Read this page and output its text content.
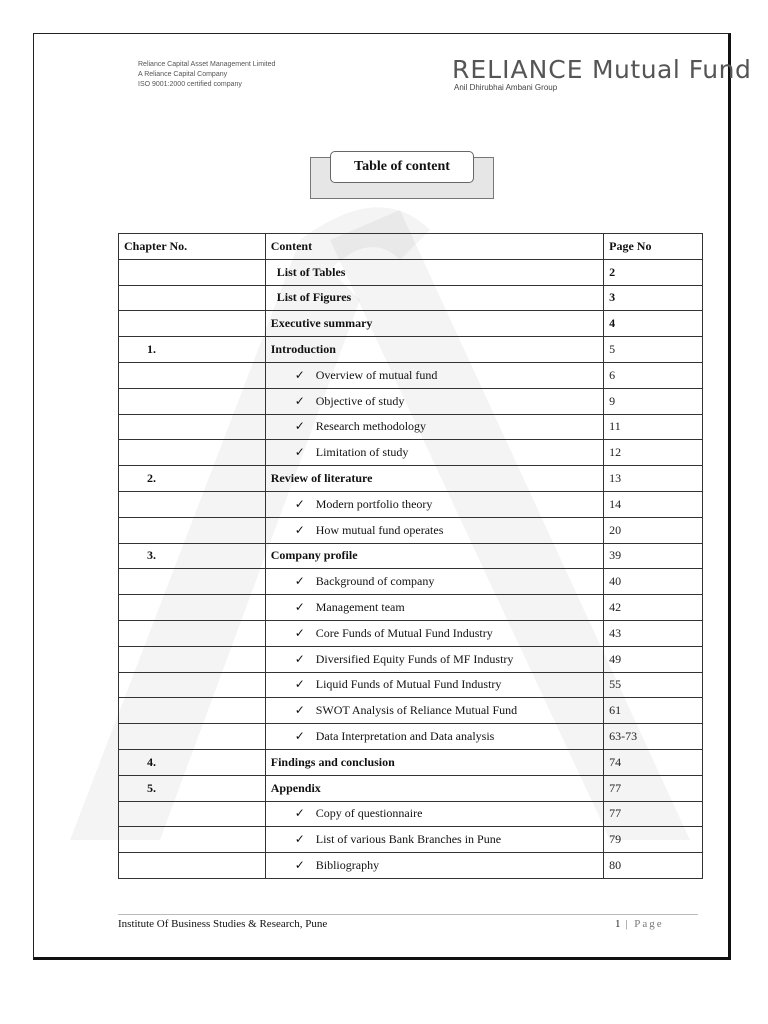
Reliance Capital Asset Management Limited
A Reliance Capital Company
ISO 9001:2000 certified company
RELIANCE Mutual Fund
Anil Dhirubhai Ambani Group
Table of content
Chapter No.	Content	Page No
	List of Tables	2
	List of Figures	3
	Executive summary	4
1.	Introduction	5
	✓ Overview of mutual fund	6
	✓ Objective of study	9
	✓ Research methodology	11
	✓ Limitation of study	12
2.	Review of literature	13
	✓ Modern portfolio theory	14
	✓ How mutual fund operates	20
3.	Company profile	39
	✓ Background of company	40
	✓ Management team	42
	✓ Core Funds of Mutual Fund Industry	43
	✓ Diversified Equity Funds of MF Industry	49
	✓ Liquid Funds of Mutual Fund Industry	55
	✓ SWOT Analysis of Reliance Mutual Fund	61
	✓ Data Interpretation and Data analysis	63-73
4.	Findings and conclusion	74
5.	Appendix	77
	✓ Copy of questionnaire	77
	✓ List of various Bank Branches in Pune	79
	✓ Bibliography	80
Institute Of Business Studies & Research, Pune	1 | Page
